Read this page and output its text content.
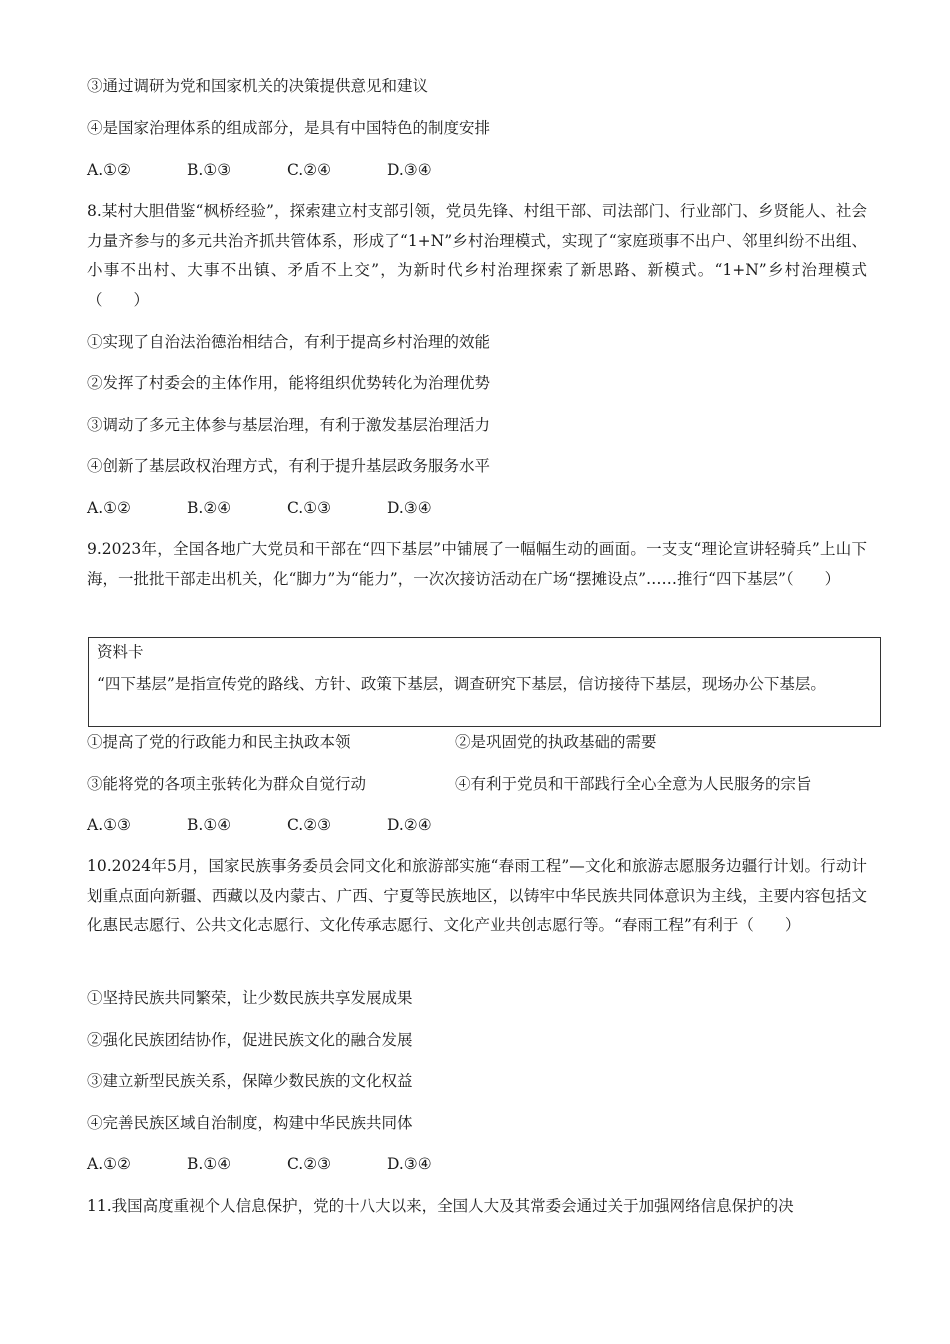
③通过调研为党和国家机关的决策提供意见和建议
④是国家治理体系的组成部分，是具有中国特色的制度安排
A.①②	B.①③	C.②④	D.③④
8.某村大胆借鉴“枫桥经验”，探索建立村支部引领，党员先锋、村组干部、司法部门、行业部门、乡贤能人、社会力量齐参与的多元共治齐抓共管体系，形成了“1+N”乡村治理模式，实现了“家庭琐事不出户、邻里纠纷不出组、小事不出村、大事不出镇、矛盾不上交”，为新时代乡村治理探索了新思路、新模式。“1+N”乡村治理模式（　　）
①实现了自治法治德治相结合，有利于提高乡村治理的效能
②发挥了村委会的主体作用，能将组织优势转化为治理优势
③调动了多元主体参与基层治理，有利于激发基层治理活力
④创新了基层政权治理方式，有利于提升基层政务服务水平
A.①②	B.②④	C.①③	D.③④
9.2023年，全国各地广大党员和干部在“四下基层”中铺展了一幅幅生动的画面。一支支“理论宣讲轻骑兵”上山下海，一批批干部走出机关，化“脚力”为“能力”，一次次接访活动在广场“摆摊设点”……推行“四下基层”（　　）
资料卡
“四下基层”是指宣传党的路线、方针、政策下基层，调查研究下基层，信访接待下基层，现场办公下基层。
①提高了党的行政能力和民主执政本领	②是巩固党的执政基础的需要
③能将党的各项主张转化为群众自觉行动	④有利于党员和干部践行全心全意为人民服务的宗旨
A.①③	B.①④	C.②③	D.②④
10.2024年5月，国家民族事务委员会同文化和旅游部实施“春雨工程”—文化和旅游志愿服务边疆行计划。行动计划重点面向新疆、西藏以及内蒙古、广西、宁夏等民族地区，以铸牢中华民族共同体意识为主线，主要内容包括文化惠民志愿行、公共文化志愿行、文化传承志愿行、文化产业共创志愿行等。“春雨工程”有利于（　　）
①坚持民族共同繁荣，让少数民族共享发展成果
②强化民族团结协作，促进民族文化的融合发展
③建立新型民族关系，保障少数民族的文化权益
④完善民族区域自治制度，构建中华民族共同体
A.①②	B.①④	C.②③	D.③④
11.我国高度重视个人信息保护，党的十八大以来，全国人大及其常委会通过关于加强网络信息保护的决
